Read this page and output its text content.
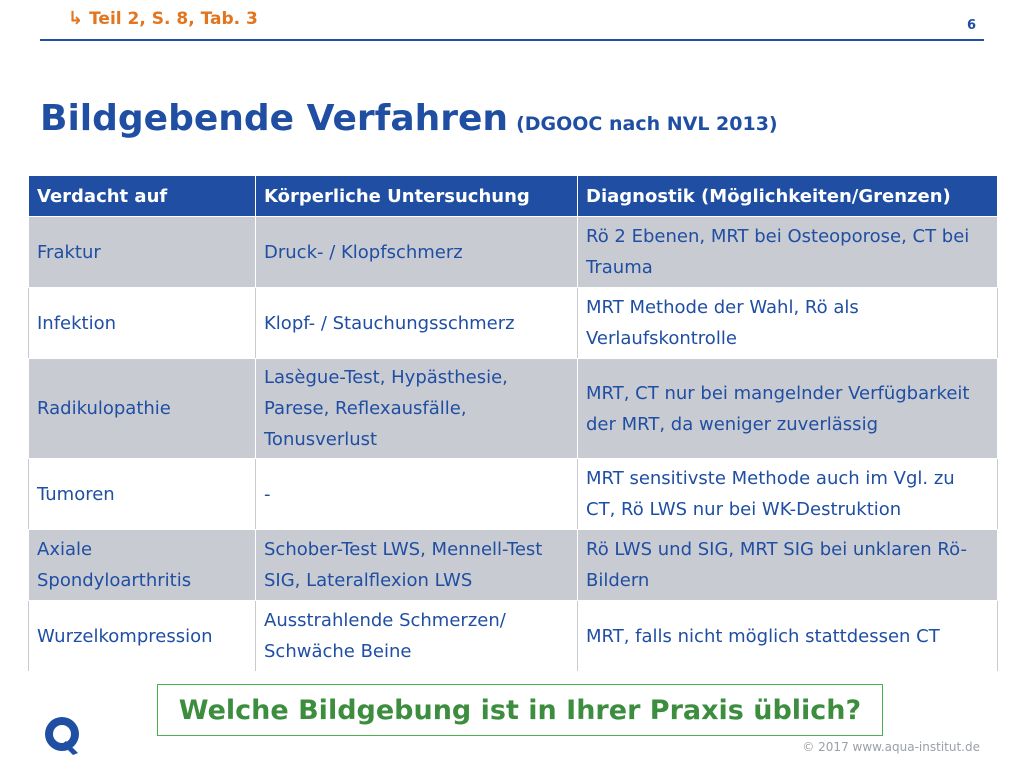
↳ Teil 2, S. 8, Tab. 3	6
Bildgebende Verfahren (DGOOC nach NVL 2013)
Verdacht auf	Körperliche Untersuchung	Diagnostik (Möglichkeiten/Grenzen)
Fraktur	Druck- / Klopfschmerz	Rö 2 Ebenen, MRT bei Osteoporose, CT bei Trauma
Infektion	Klopf- / Stauchungsschmerz	MRT Methode der Wahl, Rö als Verlaufskontrolle
Radikulopathie	Lasègue-Test, Hypästhesie, Parese, Reflexausfälle, Tonusverlust	MRT, CT nur bei mangelnder Verfügbarkeit der MRT, da weniger zuverlässig
Tumoren	-	MRT sensitivste Methode auch im Vgl. zu CT, Rö LWS nur bei WK-Destruktion
Axiale Spondyloarthritis	Schober-Test LWS, Mennell-Test SIG, Lateralflexion LWS	Rö LWS und SIG, MRT SIG bei unklaren Rö-Bildern
Wurzelkompression	Ausstrahlende Schmerzen/ Schwäche Beine	MRT, falls nicht möglich stattdessen CT
Welche Bildgebung ist in Ihrer Praxis üblich?
© 2017 www.aqua-institut.de
